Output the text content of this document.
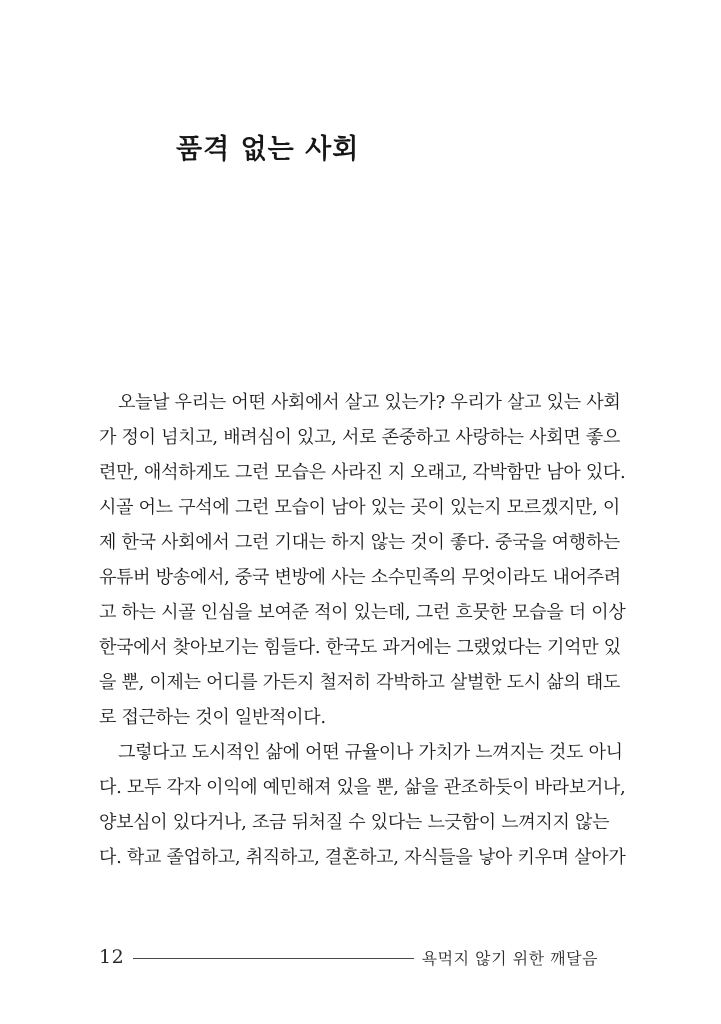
품격 없는 사회
오늘날 우리는 어떤 사회에서 살고 있는가? 우리가 살고 있는 사회
가 정이 넘치고, 배려심이 있고, 서로 존중하고 사랑하는 사회면 좋으
련만, 애석하게도 그런 모습은 사라진 지 오래고, 각박함만 남아 있다.
시골 어느 구석에 그런 모습이 남아 있는 곳이 있는지 모르겠지만, 이
제 한국 사회에서 그런 기대는 하지 않는 것이 좋다. 중국을 여행하는
유튜버 방송에서, 중국 변방에 사는 소수민족의 무엇이라도 내어주려
고 하는 시골 인심을 보여준 적이 있는데, 그런 흐뭇한 모습을 더 이상
한국에서 찾아보기는 힘들다. 한국도 과거에는 그랬었다는 기억만 있
을 뿐, 이제는 어디를 가든지 철저히 각박하고 살벌한 도시 삶의 태도
로 접근하는 것이 일반적이다.
그렇다고 도시적인 삶에 어떤 규율이나 가치가 느껴지는 것도 아니
다. 모두 각자 이익에 예민해져 있을 뿐, 삶을 관조하듯이 바라보거나,
양보심이 있다거나, 조금 뒤처질 수 있다는 느긋함이 느껴지지 않는
다. 학교 졸업하고, 취직하고, 결혼하고, 자식들을 낳아 키우며 살아가
12	욕먹지 않기 위한 깨달음
